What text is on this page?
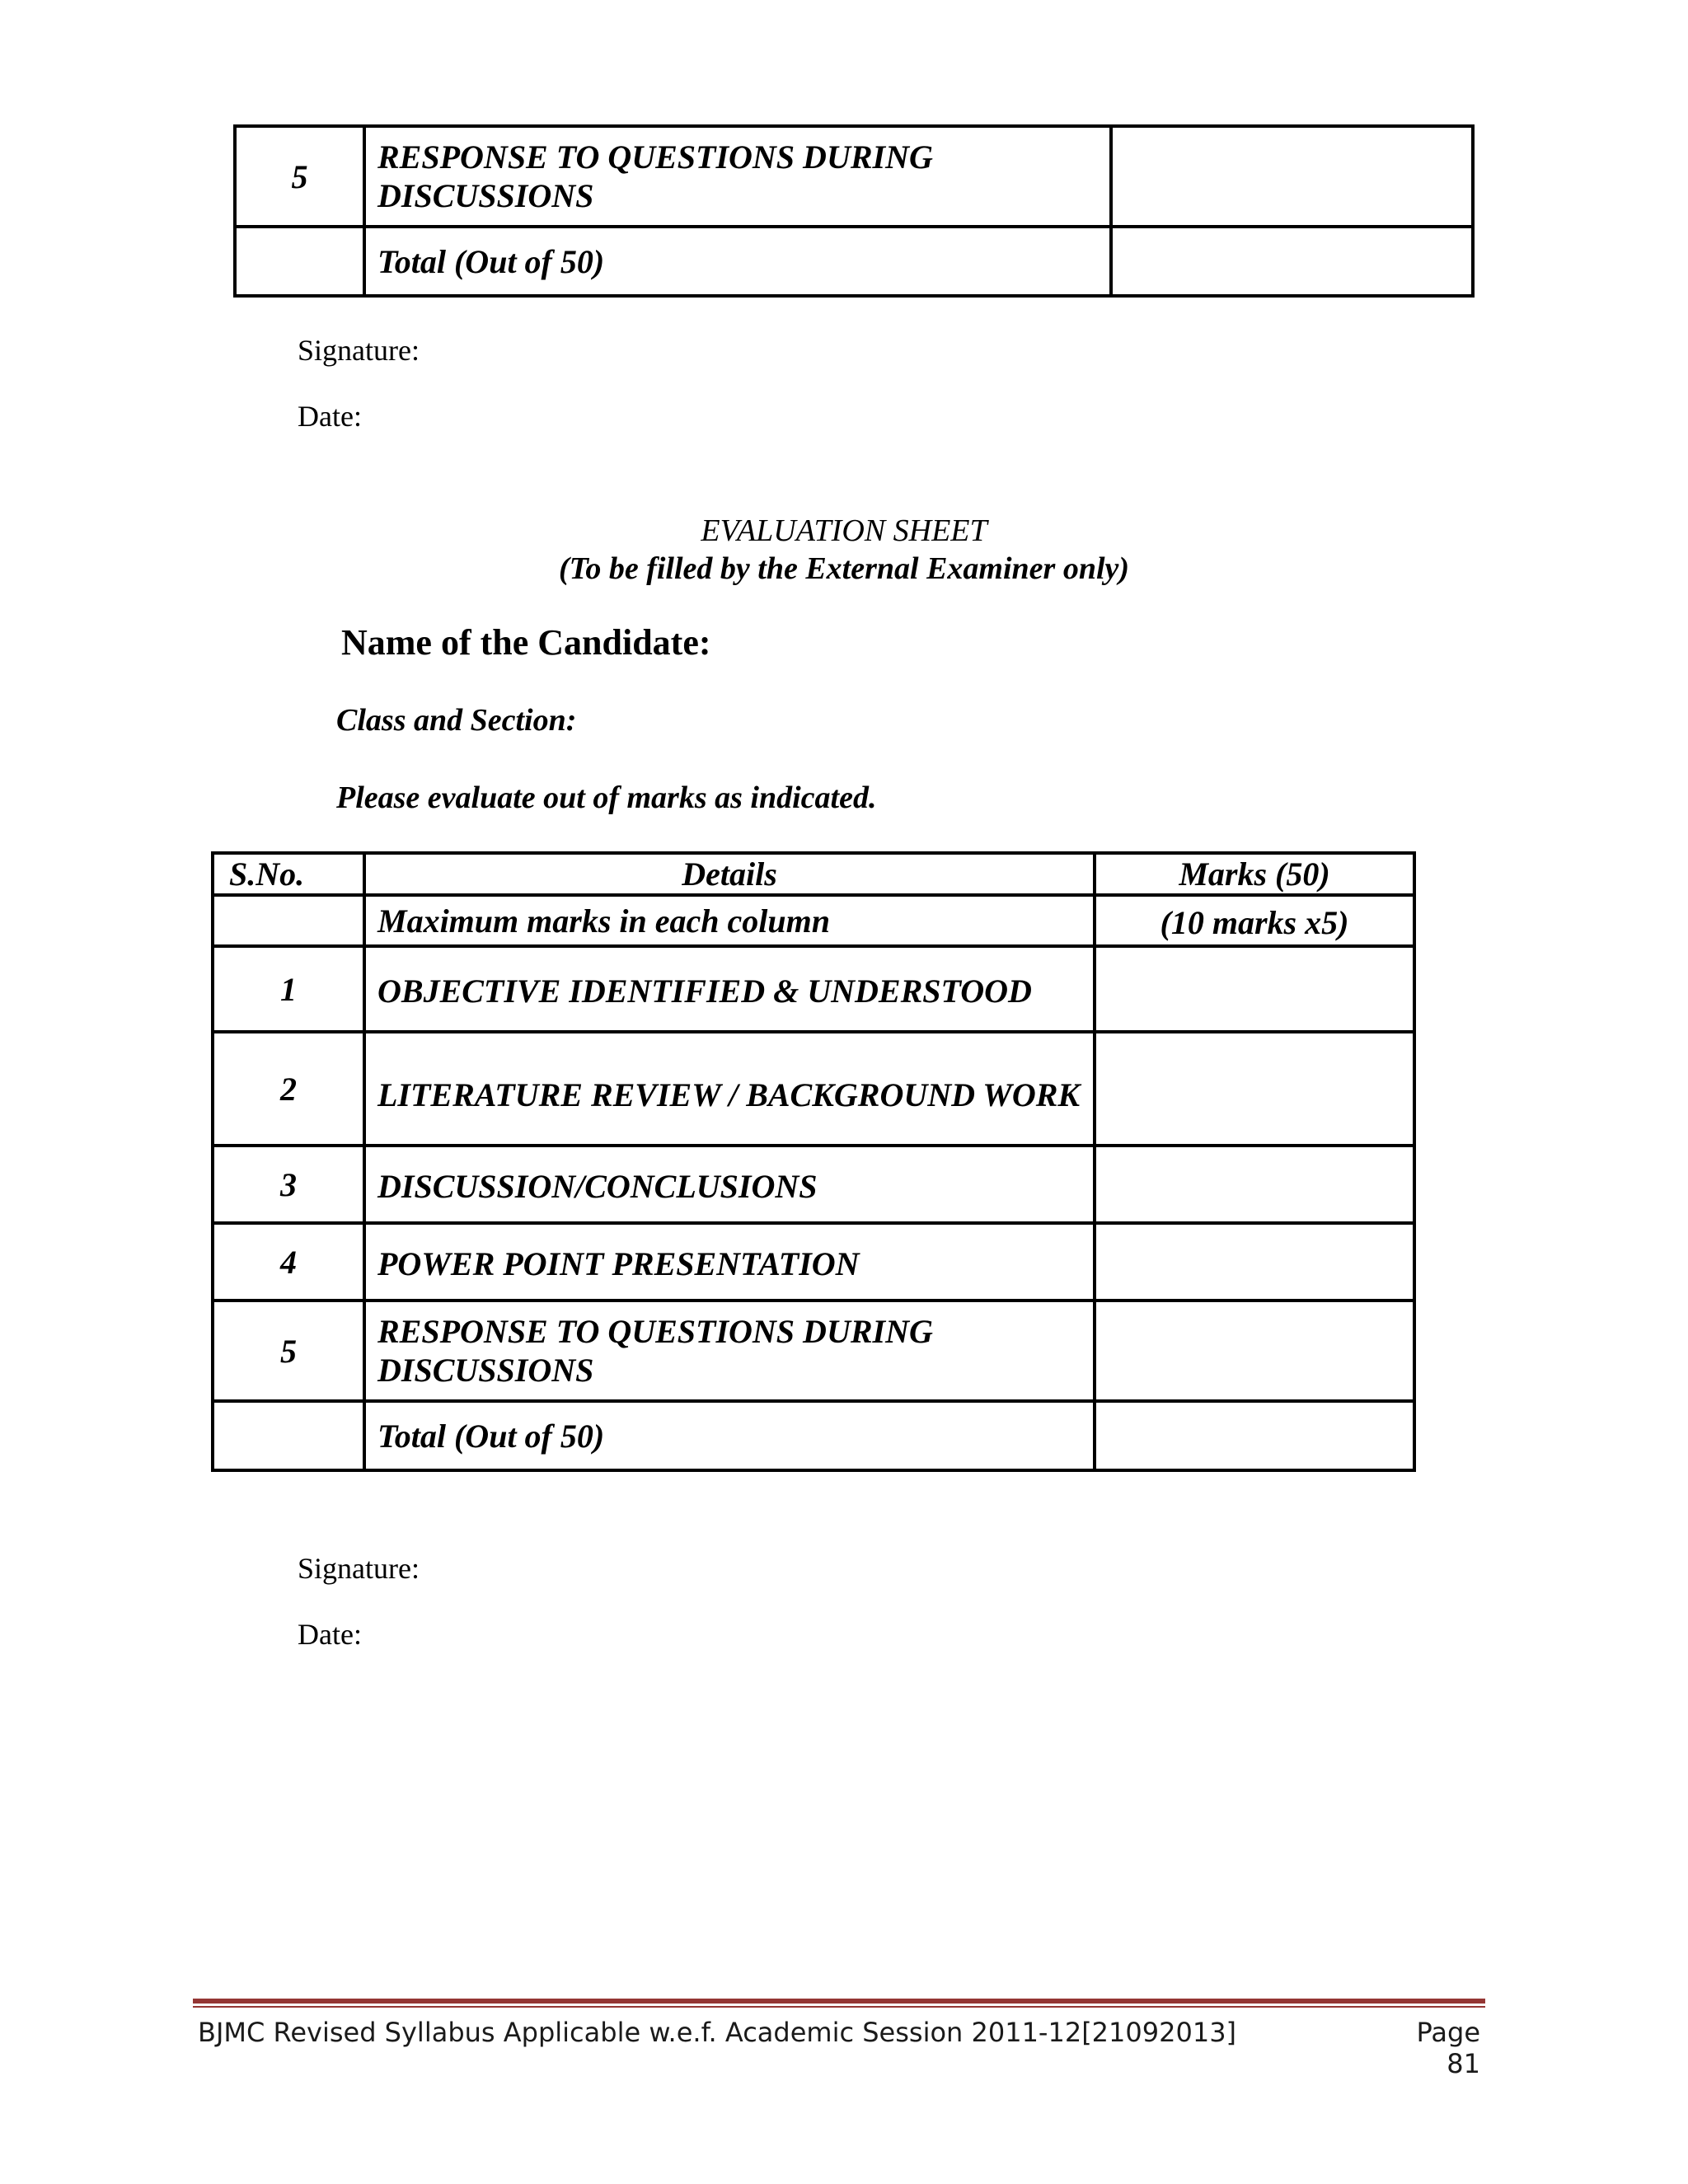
5	RESPONSE TO QUESTIONS DURING DISCUSSIONS	
	Total (Out of 50)	
Signature:
Date:
EVALUATION SHEET
(To be filled by the External Examiner only)
Name of the Candidate:
Class and Section:
Please evaluate out of marks as indicated.
S.No.	Details	Marks (50)
	Maximum marks in each column	(10 marks x5)
1	OBJECTIVE IDENTIFIED & UNDERSTOOD	
2	LITERATURE REVIEW / BACKGROUND WORK	
3	DISCUSSION/CONCLUSIONS	
4	POWER POINT PRESENTATION	
5	RESPONSE TO QUESTIONS DURING DISCUSSIONS	
	Total (Out of 50)	
Signature:
Date:
BJMC Revised Syllabus Applicable w.e.f. Academic Session 2011-12[21092013]	Page 81
